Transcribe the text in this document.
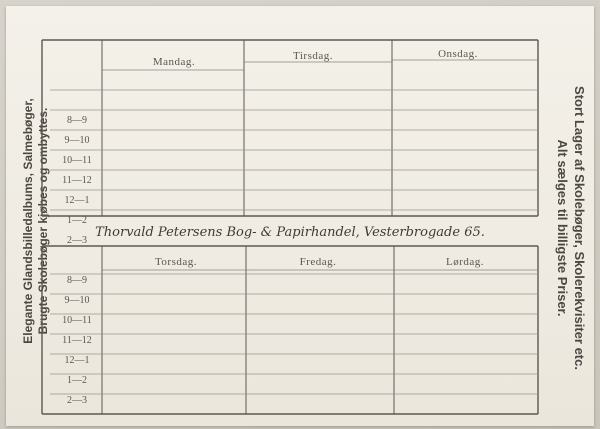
Elegante Glandsbilledalbums, Salmebøger, Brugte Skolebøger kjøbes og ombyttes.	Stort Lager af Skolebøger, Skolerekvisiter etc.
Alt sælges til billigste Priser.
Mandag.	Tirsdag.	Onsdag.
8—9
9—10
10—11
11—12
12—1
1—2
2—3
Thorvald Petersens Bog- & Papirhandel, Vesterbrogade 65.
Torsdag.	Fredag.	Lørdag.
8—9
9—10
10—11
11—12
12—1
1—2
2—3
